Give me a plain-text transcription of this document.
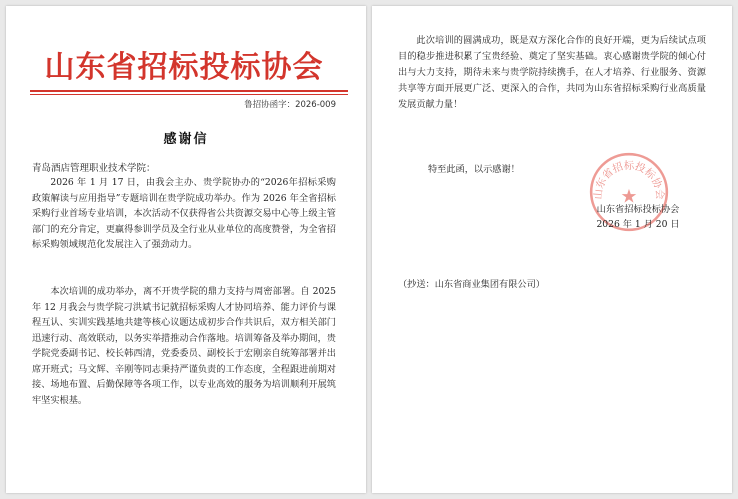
山东省招标投标协会
鲁招协函字：2026-009
感谢信
青岛酒店管理职业技术学院：

2026 年 1 月 17 日，由我会主办、贵学院协办的“2026年招标采购政策解读与应用指导”专题培训在贵学院成功举办。作为 2026 年全省招标采购行业首场专业培训，本次活动不仅获得省公共资源交易中心等上级主管部门的充分肯定，更赢得参训学员及全行业从业单位的高度赞誉，为全省招标采购领域规范化发展注入了强劲动力。

本次培训的成功举办，离不开贵学院的鼎力支持与周密部署。自 2025 年 12 月我会与贵学院刁洪斌书记就招标采购人才协同培养、能力评价与课程互认、实训实践基地共建等核心议题达成初步合作共识后，双方相关部门迅速行动、高效联动，以务实举措推动合作落地。培训筹备及举办期间，贵学院党委副书记、校长韩西清，党委委员、副校长于宏刚亲自统筹部署并出席开班式；马文辉、辛刚等同志秉持严谨负责的工作态度，全程跟进前期对接、场地布置、后勤保障等各项工作，以专业高效的服务为培训顺利开展筑牢坚实根基。

此次培训的圆满成功，既是双方深化合作的良好开端，更为后续试点项目的稳步推进积累了宝贵经验、奠定了坚实基础。衷心感谢贵学院的倾心付出与大力支持，期待未来与贵学院持续携手，在人才培养、行业服务、资源共享等方面开展更广泛、更深入的合作，共同为山东省招标采购行业高质量发展贡献力量！

特至此函，以示感谢！
山东省招标投标协会
★
山东省招标投标协会
2026 年 1 月 20 日
（抄送：山东省商业集团有限公司）
